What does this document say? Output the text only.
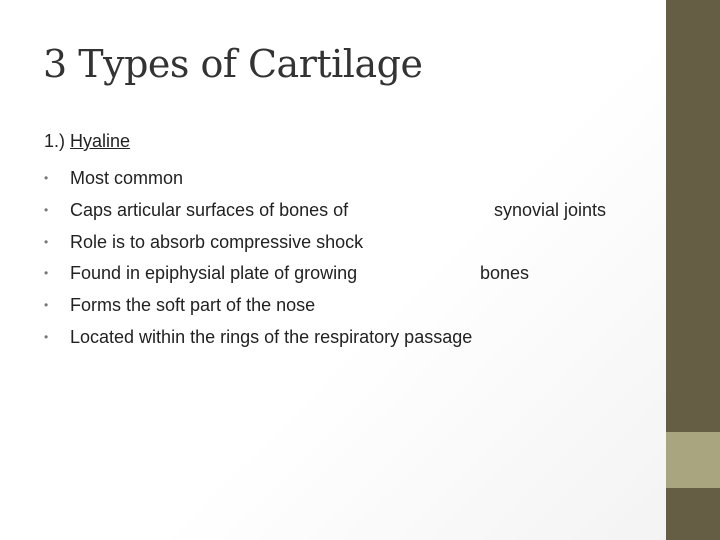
3 Types of Cartilage
1.) Hyaline
•	Most common
•	Caps articular surfaces of bones of	synovial joints
•	Role is to absorb compressive shock
•	Found in epiphysial plate of growing	bones
•	Forms the soft part of the nose
•	Located within the rings of the respiratory passage
